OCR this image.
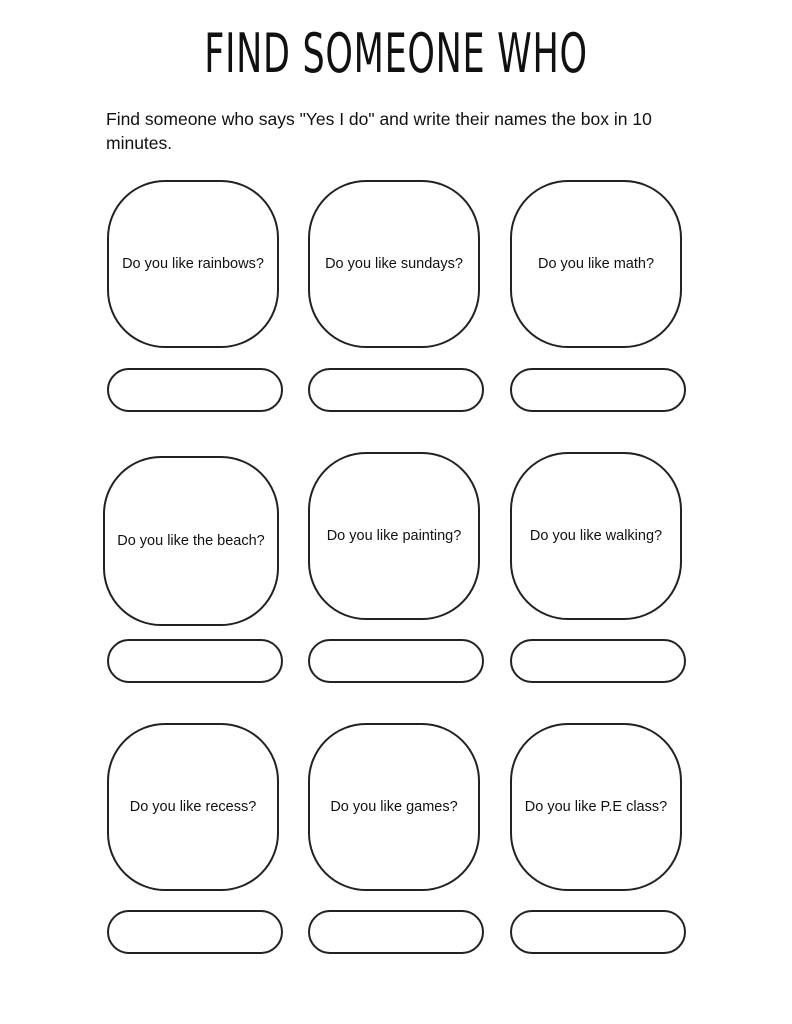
FIND SOMEONE WHO

Find someone who says "Yes I do" and write their names the box in 10 minutes.

Do you like rainbows?	Do you like sundays?	Do you like math?
Do you like the beach?	Do you like painting?	Do you like walking?
Do you like recess?	Do you like games?	Do you like P.E class?
